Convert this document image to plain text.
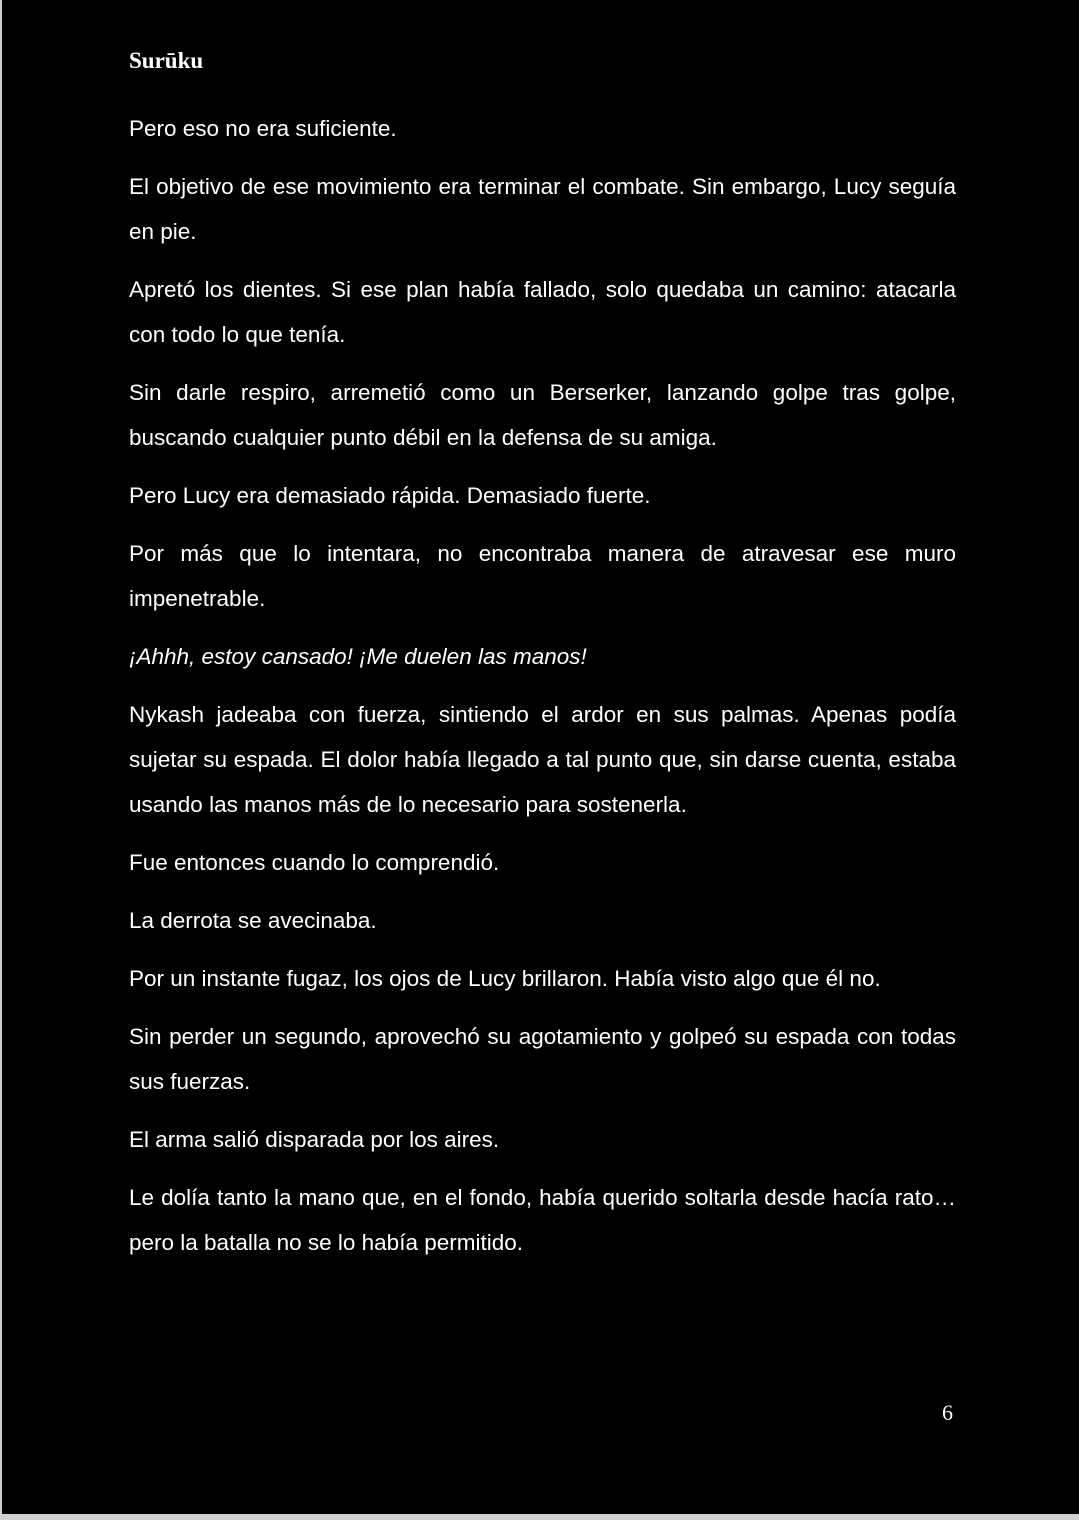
Surūku

Pero eso no era suficiente.

El objetivo de ese movimiento era terminar el combate. Sin embargo, Lucy seguía en pie.

Apretó los dientes. Si ese plan había fallado, solo quedaba un camino: atacarla con todo lo que tenía.

Sin darle respiro, arremetió como un Berserker, lanzando golpe tras golpe, buscando cualquier punto débil en la defensa de su amiga.

Pero Lucy era demasiado rápida. Demasiado fuerte.

Por más que lo intentara, no encontraba manera de atravesar ese muro impenetrable.

¡Ahhh, estoy cansado! ¡Me duelen las manos!

Nykash jadeaba con fuerza, sintiendo el ardor en sus palmas. Apenas podía sujetar su espada. El dolor había llegado a tal punto que, sin darse cuenta, estaba usando las manos más de lo necesario para sostenerla.

Fue entonces cuando lo comprendió.

La derrota se avecinaba.

Por un instante fugaz, los ojos de Lucy brillaron. Había visto algo que él no.

Sin perder un segundo, aprovechó su agotamiento y golpeó su espada con todas sus fuerzas.

El arma salió disparada por los aires.

Le dolía tanto la mano que, en el fondo, había querido soltarla desde hacía rato… pero la batalla no se lo había permitido.

6
